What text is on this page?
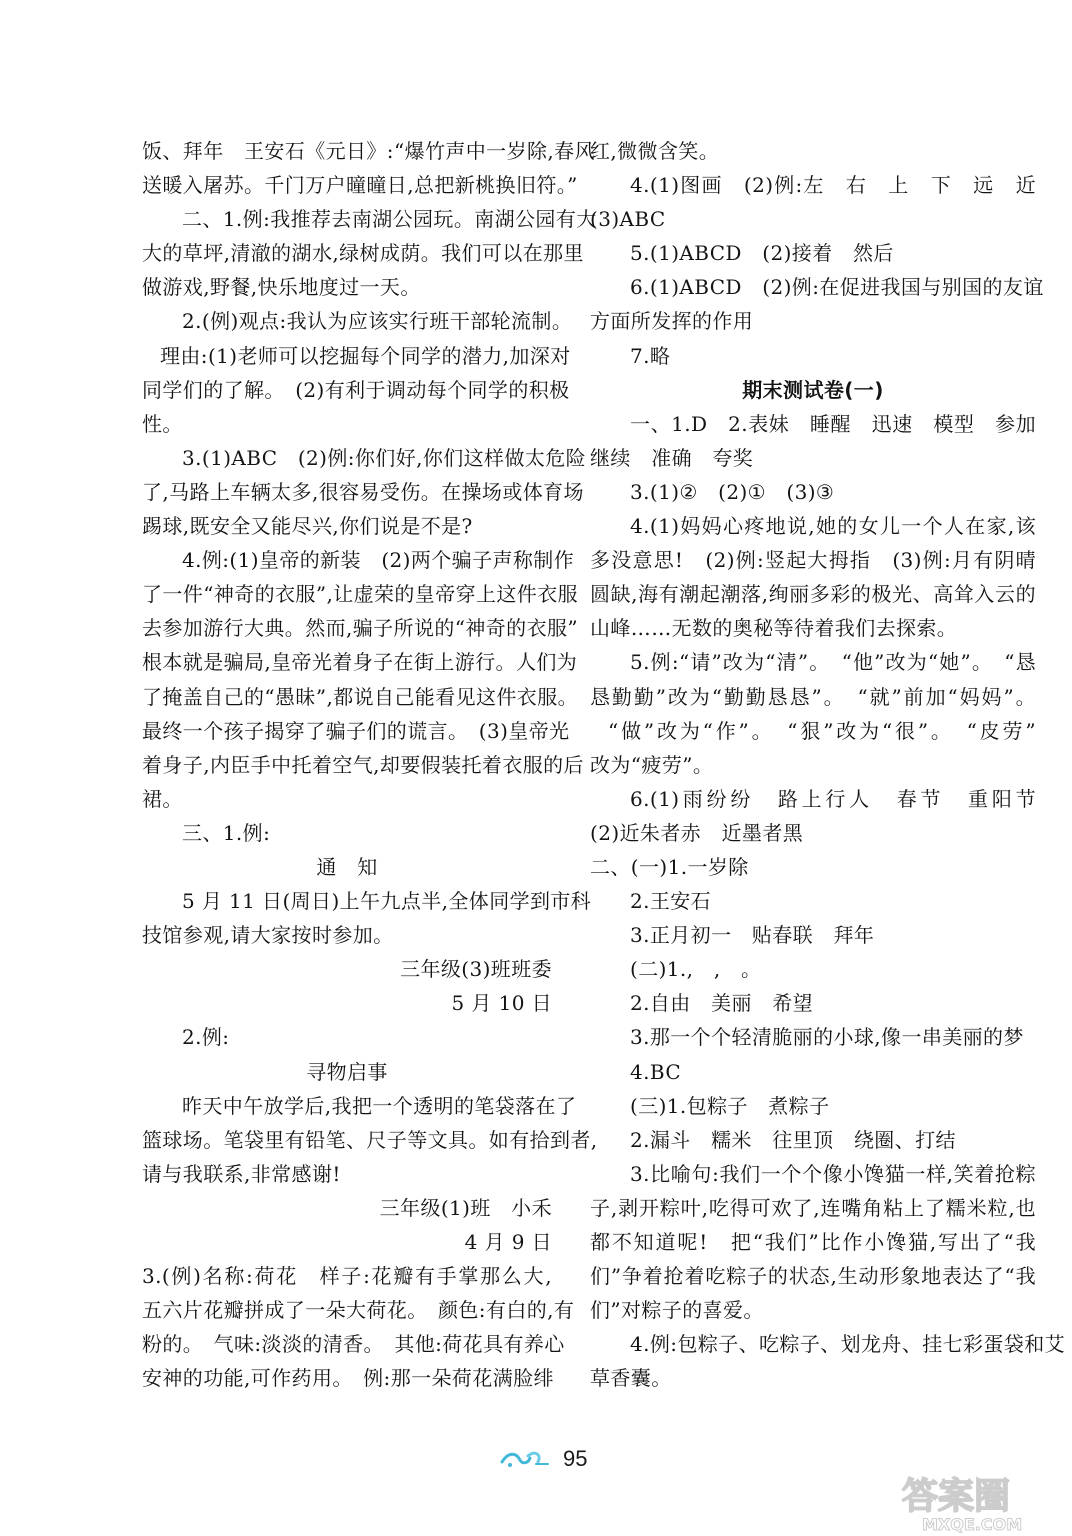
饭、拜年　王安石《元日》:“爆竹声中一岁除,春风
送暖入屠苏。千门万户曈曈日,总把新桃换旧符。”
二、1.例:我推荐去南湖公园玩。南湖公园有大
大的草坪,清澈的湖水,绿树成荫。我们可以在那里
做游戏,野餐,快乐地度过一天。
2.(例)观点:我认为应该实行班干部轮流制。
理由:(1)老师可以挖掘每个同学的潜力,加深对
同学们的了解。　(2)有利于调动每个同学的积极
性。
3.(1)ABC　(2)例:你们好,你们这样做太危险
了,马路上车辆太多,很容易受伤。在操场或体育场
踢球,既安全又能尽兴,你们说是不是?
4.例:(1)皇帝的新装　(2)两个骗子声称制作
了一件“神奇的衣服”,让虚荣的皇帝穿上这件衣服
去参加游行大典。然而,骗子所说的“神奇的衣服”
根本就是骗局,皇帝光着身子在街上游行。人们为
了掩盖自己的“愚昧”,都说自己能看见这件衣服。
最终一个孩子揭穿了骗子们的谎言。　(3)皇帝光
着身子,内臣手中托着空气,却要假装托着衣服的后
裙。
三、1.例:
通　知
5 月 11 日(周日)上午九点半,全体同学到市科
技馆参观,请大家按时参加。
三年级(3)班班委
5 月 10 日　
2.例:
寻物启事
昨天中午放学后,我把一个透明的笔袋落在了
篮球场。笔袋里有铅笔、尺子等文具。如有拾到者,
请与我联系,非常感谢!
三年级(1)班　小禾
4 月 9 日　
3.(例)名称:荷花　样子:花瓣有手掌那么大,
五六片花瓣拼成了一朵大荷花。　颜色:有白的,有
粉的。　气味:淡淡的清香。　其他:荷花具有养心
安神的功能,可作药用。　例:那一朵荷花满脸绯
红,微微含笑。
4.(1)图画　(2)例:左　右　上　下　远　近
(3)ABC
5.(1)ABCD　(2)接着　然后
6.(1)ABCD　(2)例:在促进我国与别国的友谊
方面所发挥的作用
7.略
期末测试卷(一)
一、1.D　2.表妹　睡醒　迅速　模型　参加
继续　准确　夸奖
3.(1)②　(2)①　(3)③
4.(1)妈妈心疼地说,她的女儿一个人在家,该
多没意思!　(2)例:竖起大拇指　(3)例:月有阴晴
圆缺,海有潮起潮落,绚丽多彩的极光、高耸入云的
山峰……无数的奥秘等待着我们去探索。
5.例:“请”改为“清”。　“他”改为“她”。　“恳
恳勤勤”改为“勤勤恳恳”。　“就”前加“妈妈”。
“做”改为“作”。　“狠”改为“很”。　“皮劳”
改为“疲劳”。
6.(1)雨纷纷　路上行人　春节　重阳节
(2)近朱者赤　近墨者黑
二、(一)1.一岁除
2.王安石
3.正月初一　贴春联　拜年
(二)1.,　,　。
2.自由　美丽　希望
3.那一个个轻清脆丽的小球,像一串美丽的梦
4.BC
(三)1.包粽子　煮粽子
2.漏斗　糯米　往里顶　绕圈、打结
3.比喻句:我们一个个像小馋猫一样,笑着抢粽
子,剥开粽叶,吃得可欢了,连嘴角粘上了糯米粒,也
都不知道呢!　把“我们”比作小馋猫,写出了“我
们”争着抢着吃粽子的状态,生动形象地表达了“我
们”对粽子的喜爱。
4.例:包粽子、吃粽子、划龙舟、挂七彩蛋袋和艾
草香囊。
95
答案圈
MXQE.COM
